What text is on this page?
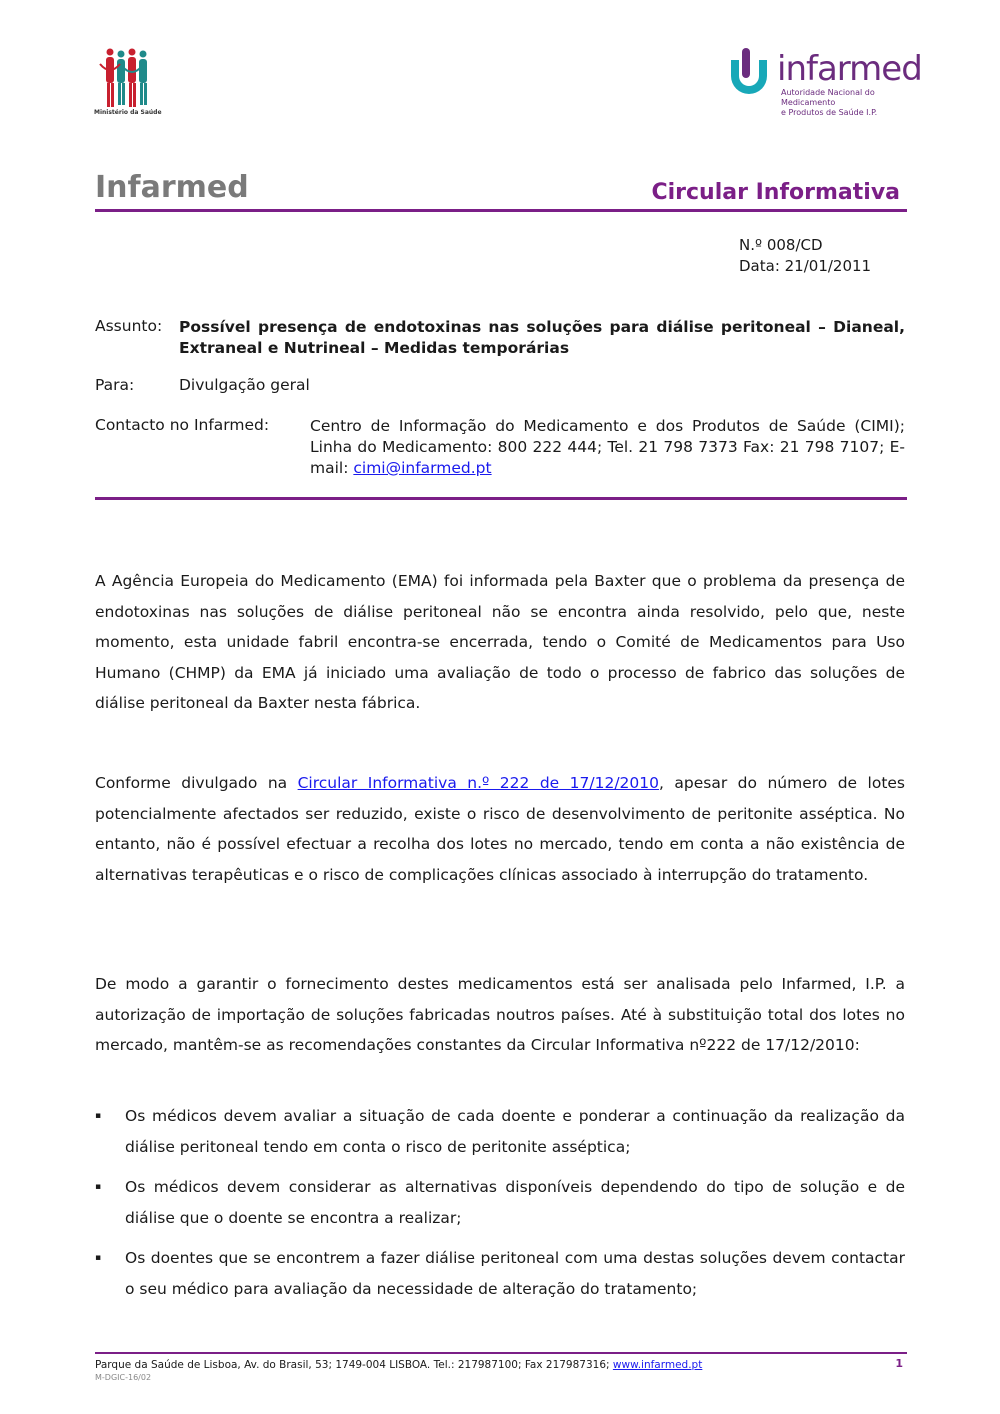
Ministério da Saúde
infarmed
Autoridade Nacional do Medicamento
e Produtos de Saúde I.P.
Infarmed	Circular Informativa
N.º 008/CD
Data: 21/01/2011
Assunto: Possível presença de endotoxinas nas soluções para diálise peritoneal – Dianeal, Extraneal e Nutrineal – Medidas temporárias
Para:	Divulgação geral
Contacto no Infarmed:	Centro de Informação do Medicamento e dos Produtos de Saúde (CIMI); Linha do Medicamento: 800 222 444; Tel. 21 798 7373 Fax: 21 798 7107; E-mail: cimi@infarmed.pt

A Agência Europeia do Medicamento (EMA) foi informada pela Baxter que o problema da presença de endotoxinas nas soluções de diálise peritoneal não se encontra ainda resolvido, pelo que, neste momento, esta unidade fabril encontra-se encerrada, tendo o Comité de Medicamentos para Uso Humano (CHMP) da EMA já iniciado uma avaliação de todo o processo de fabrico das soluções de diálise peritoneal da Baxter nesta fábrica.

Conforme divulgado na Circular Informativa n.º 222 de 17/12/2010, apesar do número de lotes potencialmente afectados ser reduzido, existe o risco de desenvolvimento de peritonite asséptica. No entanto, não é possível efectuar a recolha dos lotes no mercado, tendo em conta a não existência de alternativas terapêuticas e o risco de complicações clínicas associado à interrupção do tratamento.

De modo a garantir o fornecimento destes medicamentos está ser analisada pelo Infarmed, I.P. a autorização de importação de soluções fabricadas noutros países. Até à substituição total dos lotes no mercado, mantêm-se as recomendações constantes da Circular Informativa nº222 de 17/12/2010:

▪ Os médicos devem avaliar a situação de cada doente e ponderar a continuação da realização da diálise peritoneal tendo em conta o risco de peritonite asséptica;
▪ Os médicos devem considerar as alternativas disponíveis dependendo do tipo de solução e de diálise que o doente se encontra a realizar;
▪ Os doentes que se encontrem a fazer diálise peritoneal com uma destas soluções devem contactar o seu médico para avaliação da necessidade de alteração do tratamento;
Parque da Saúde de Lisboa, Av. do Brasil, 53; 1749-004 LISBOA. Tel.: 217987100; Fax 217987316; www.infarmed.pt	1
M-DGIC-16/02
